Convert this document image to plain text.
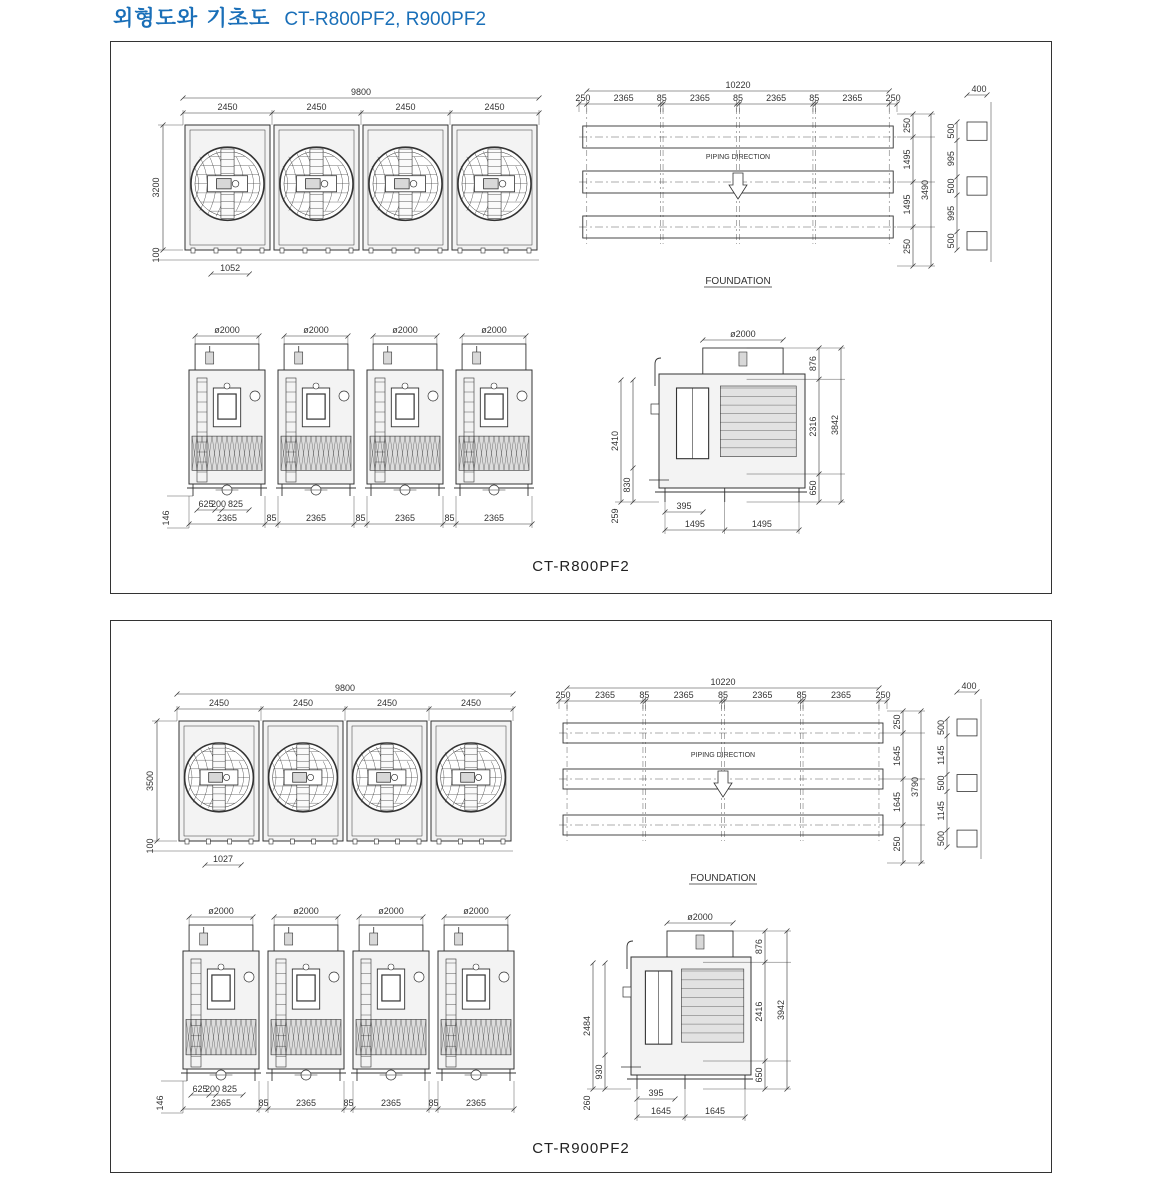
외형도와 기초도 CT-R800PF2, R900PF2
9800
2450	2450	2450	2450
3200
100
1052
10220
250	2365	85	2365	85	2365	85	2365	250
PIPING DIRECTION
250
1495
1495
250
3490
FOUNDATION
400
500
995
500
995
500
ø2000	ø2000	ø2000	ø2000
2365	85	2365	85	2365	85	2365
625
200 825
146
ø2000
876
2316
650
3842
830
2410
259
395
1495	1495
CT-R800PF2
9800
2450	2450	2450	2450
3500
100
1027
10220
250	2365	85	2365	85	2365	85	2365	250
PIPING DIRECTION
250
1645
1645
250
3790
FOUNDATION
400
500
1145
500
1145
500
ø2000	ø2000	ø2000	ø2000
2365	85	2365	85	2365	85	2365
625
200 825
146
ø2000
876
2416
650
3942
930
2484
260
395
1645	1645
CT-R900PF2
